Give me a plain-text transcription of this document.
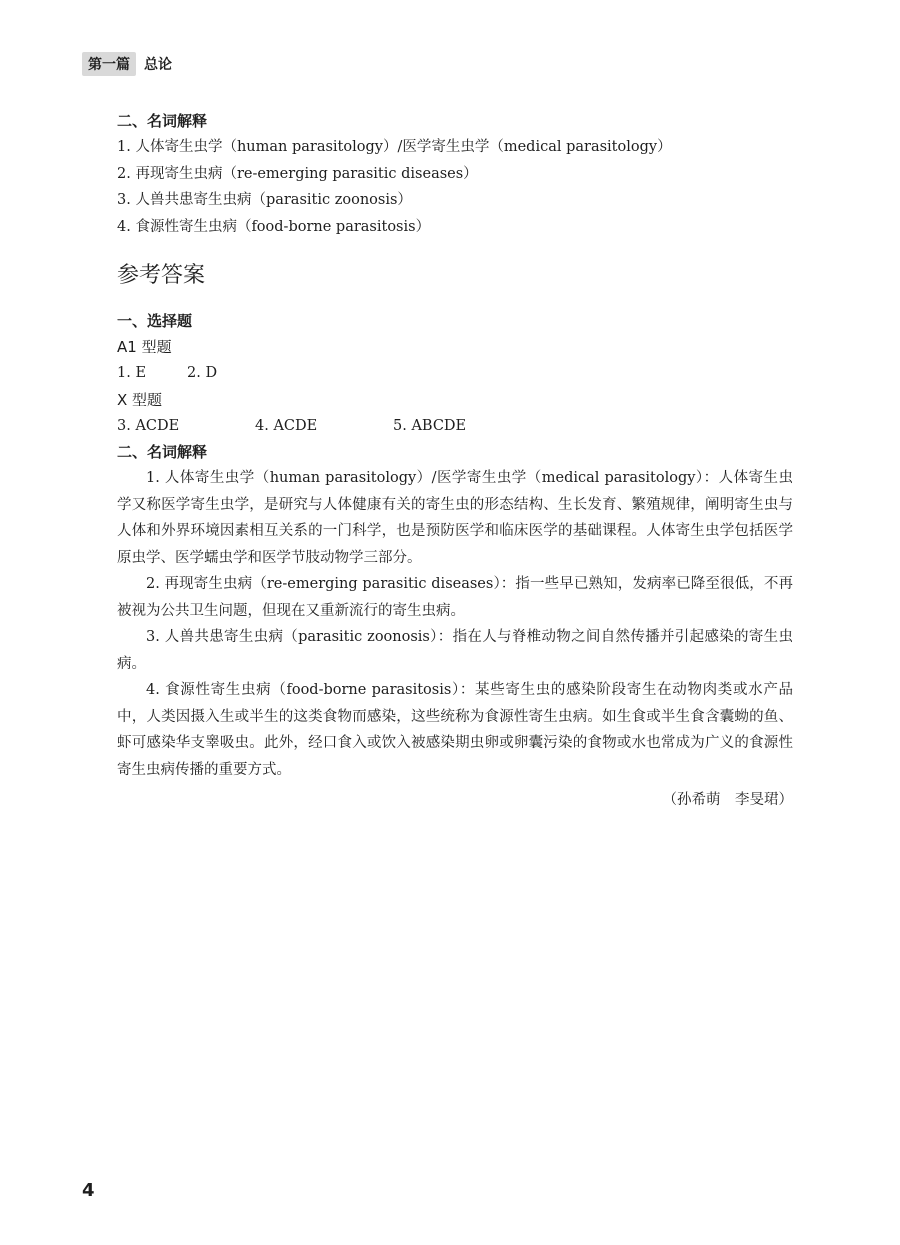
第一篇	总论

二、名词解释

1. 人体寄生虫学（human parasitology）/医学寄生虫学（medical parasitology）

2. 再现寄生虫病（re-emerging parasitic diseases）

3. 人兽共患寄生虫病（parasitic zoonosis）

4. 食源性寄生虫病（food-borne parasitosis）

参考答案

一、选择题

A1 型题

1. E	2. D

X 型题

3. ACDE	4. ACDE	5. ABCDE

二、名词解释

1. 人体寄生虫学（human parasitology）/医学寄生虫学（medical parasitology）：人体寄生虫学又称医学寄生虫学，是研究与人体健康有关的寄生虫的形态结构、生长发育、繁殖规律，阐明寄生虫与人体和外界环境因素相互关系的一门科学，也是预防医学和临床医学的基础课程。人体寄生虫学包括医学原虫学、医学蠕虫学和医学节肢动物学三部分。

2. 再现寄生虫病（re-emerging parasitic diseases）：指一些早已熟知，发病率已降至很低，不再被视为公共卫生问题，但现在又重新流行的寄生虫病。

3. 人兽共患寄生虫病（parasitic zoonosis）：指在人与脊椎动物之间自然传播并引起感染的寄生虫病。

4. 食源性寄生虫病（food-borne parasitosis）：某些寄生虫的感染阶段寄生在动物肉类或水产品中，人类因摄入生或半生的这类食物而感染，这些统称为食源性寄生虫病。如生食或半生食含囊蚴的鱼、虾可感染华支睾吸虫。此外，经口食入或饮入被感染期虫卵或卵囊污染的食物或水也常成为广义的食源性寄生虫病传播的重要方式。

（孙希萌　李旻珺）

4
